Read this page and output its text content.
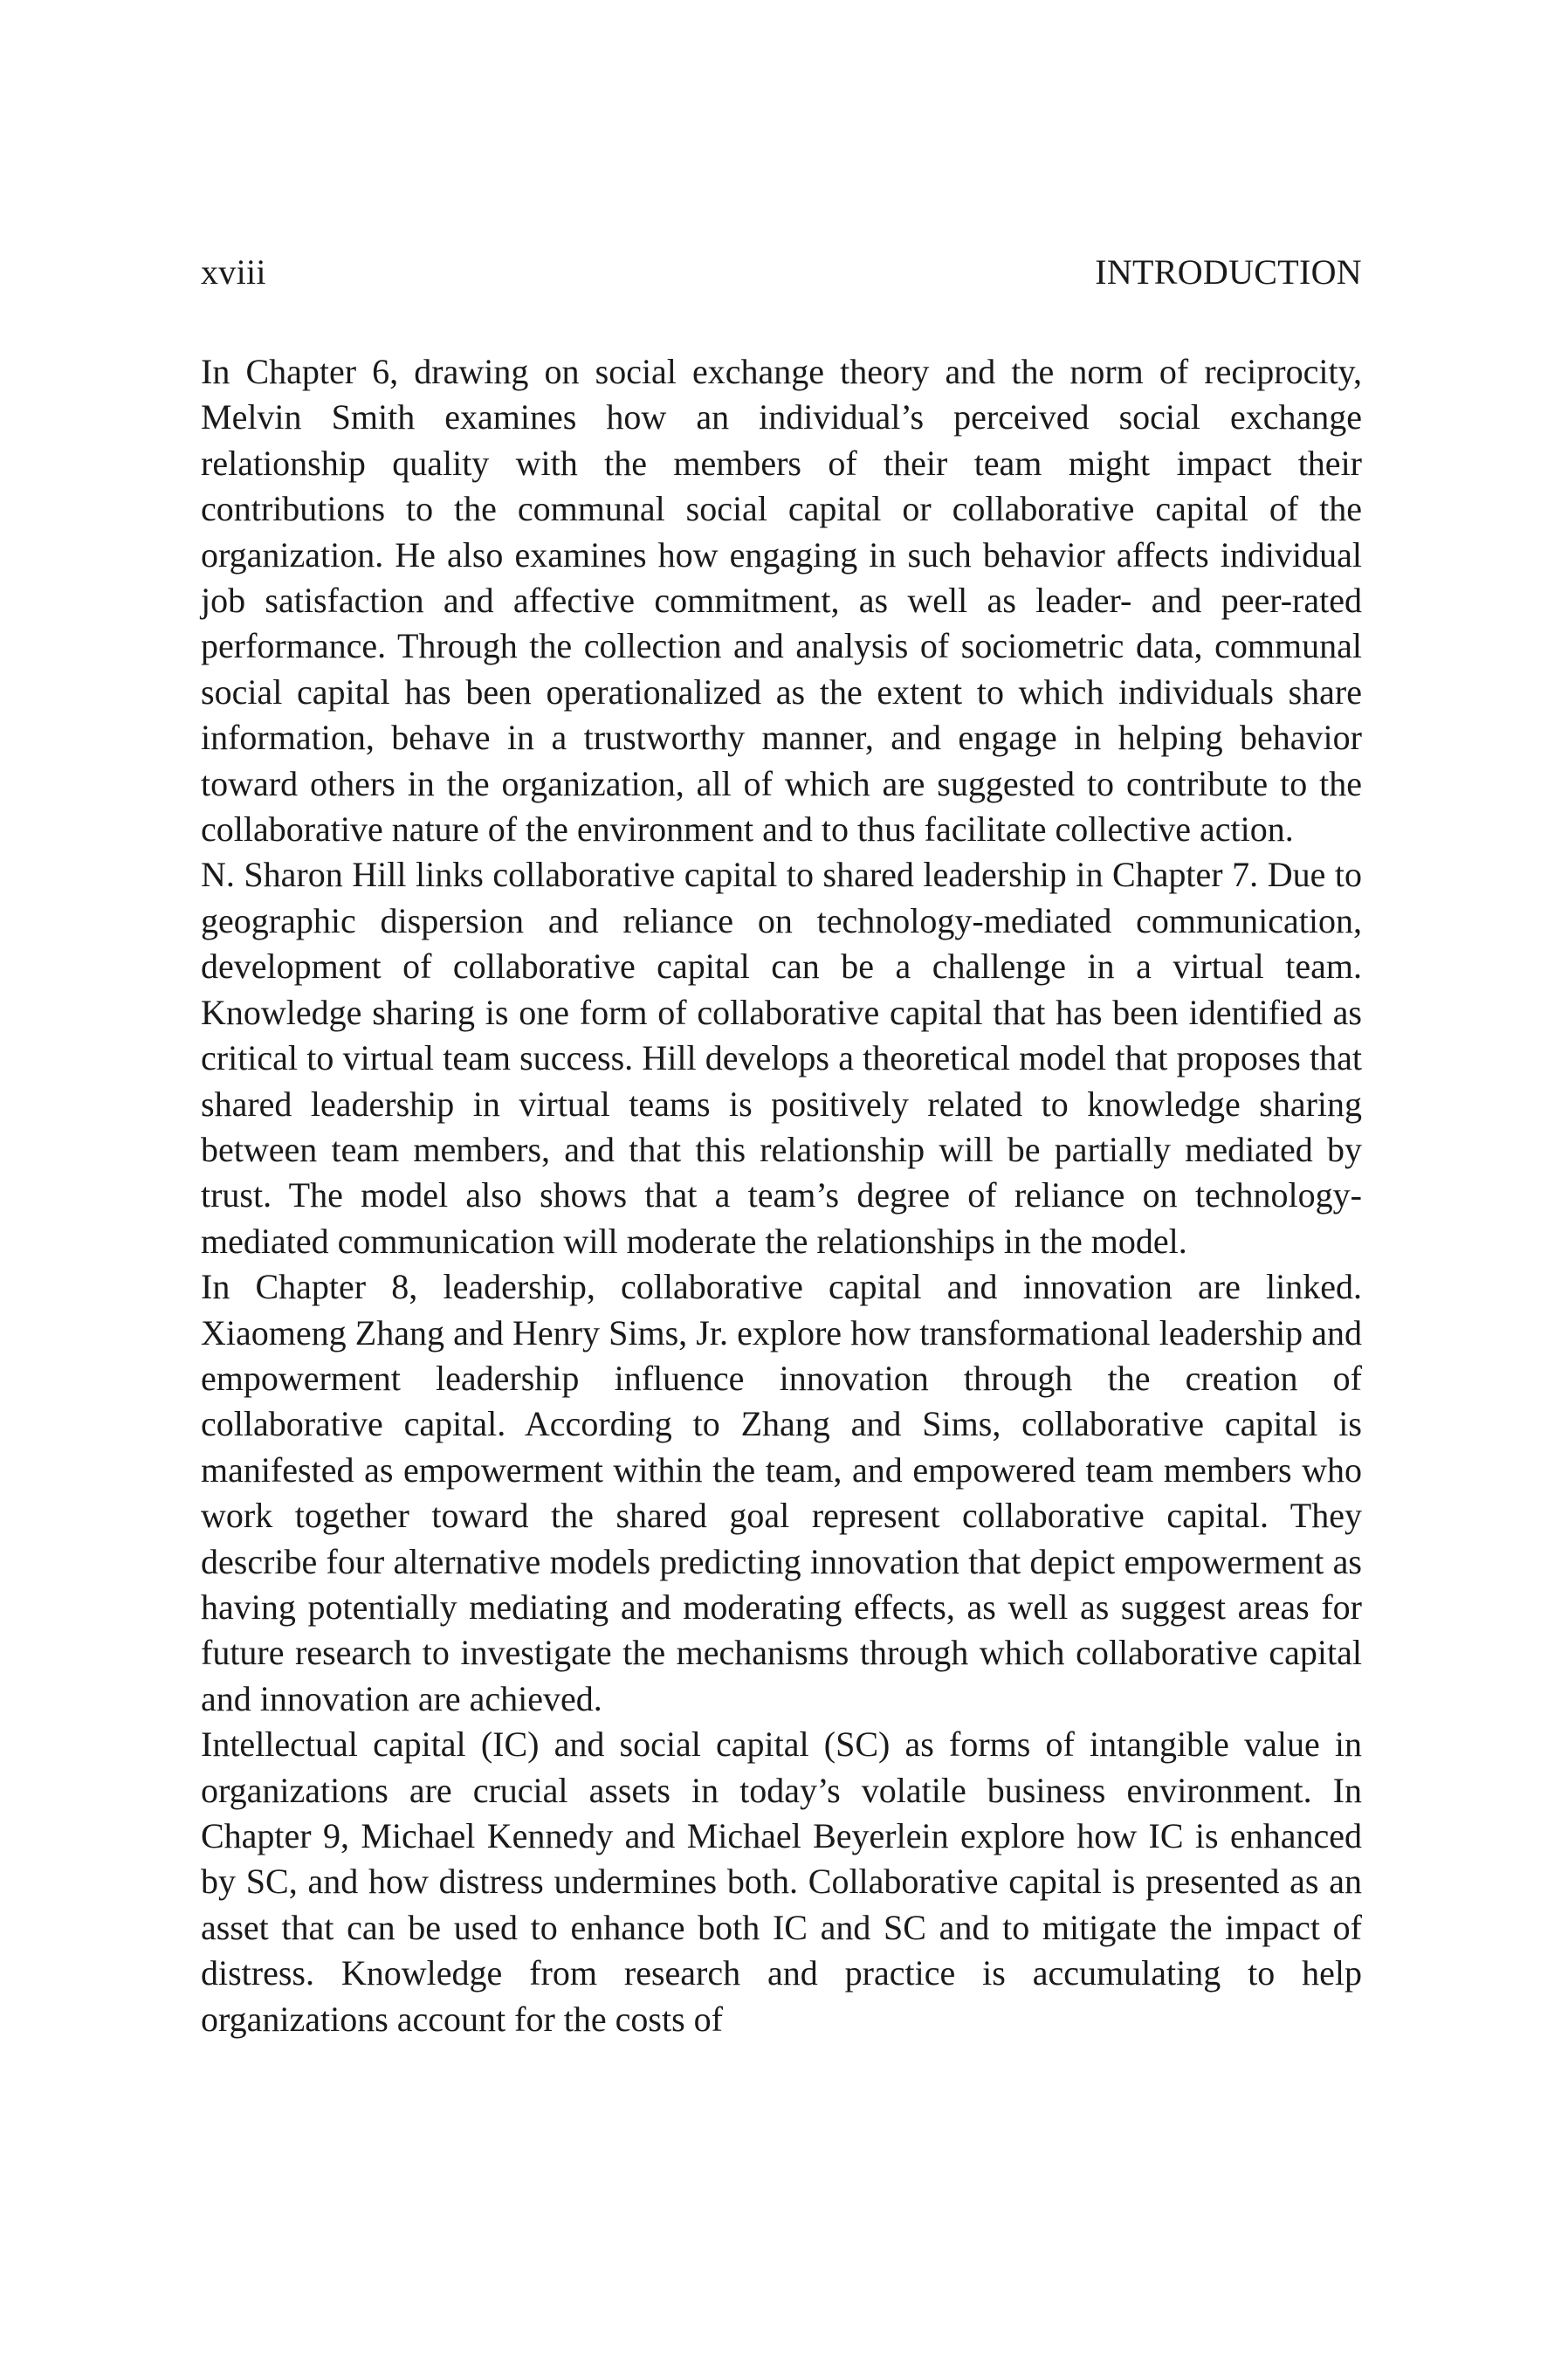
xviii	INTRODUCTION

In Chapter 6, drawing on social exchange theory and the norm of reciprocity, Melvin Smith examines how an individual’s perceived social exchange relationship quality with the members of their team might impact their contributions to the communal social capital or collaborative capital of the organization. He also examines how engaging in such behavior affects individual job satisfaction and affective commitment, as well as leader- and peer-rated performance. Through the collection and analysis of sociometric data, communal social capital has been operationalized as the extent to which individuals share information, behave in a trustworthy manner, and engage in helping behavior toward others in the organization, all of which are suggested to contribute to the collaborative nature of the environment and to thus facilitate collective action.

N. Sharon Hill links collaborative capital to shared leadership in Chapter 7. Due to geographic dispersion and reliance on technology-mediated communication, development of collaborative capital can be a challenge in a virtual team. Knowledge sharing is one form of collaborative capital that has been identified as critical to virtual team success. Hill develops a theoretical model that proposes that shared leadership in virtual teams is positively related to knowledge sharing between team members, and that this relationship will be partially mediated by trust. The model also shows that a team’s degree of reliance on technology-mediated communication will moderate the relationships in the model.

In Chapter 8, leadership, collaborative capital and innovation are linked. Xiaomeng Zhang and Henry Sims, Jr. explore how transformational leadership and empowerment leadership influence innovation through the creation of collaborative capital. According to Zhang and Sims, collaborative capital is manifested as empowerment within the team, and empowered team members who work together toward the shared goal represent collaborative capital. They describe four alternative models predicting innovation that depict empowerment as having potentially mediating and moderating effects, as well as suggest areas for future research to investigate the mechanisms through which collaborative capital and innovation are achieved.

Intellectual capital (IC) and social capital (SC) as forms of intangible value in organizations are crucial assets in today’s volatile business environment. In Chapter 9, Michael Kennedy and Michael Beyerlein explore how IC is enhanced by SC, and how distress undermines both. Collaborative capital is presented as an asset that can be used to enhance both IC and SC and to mitigate the impact of distress. Knowledge from research and practice is accumulating to help organizations account for the costs of
